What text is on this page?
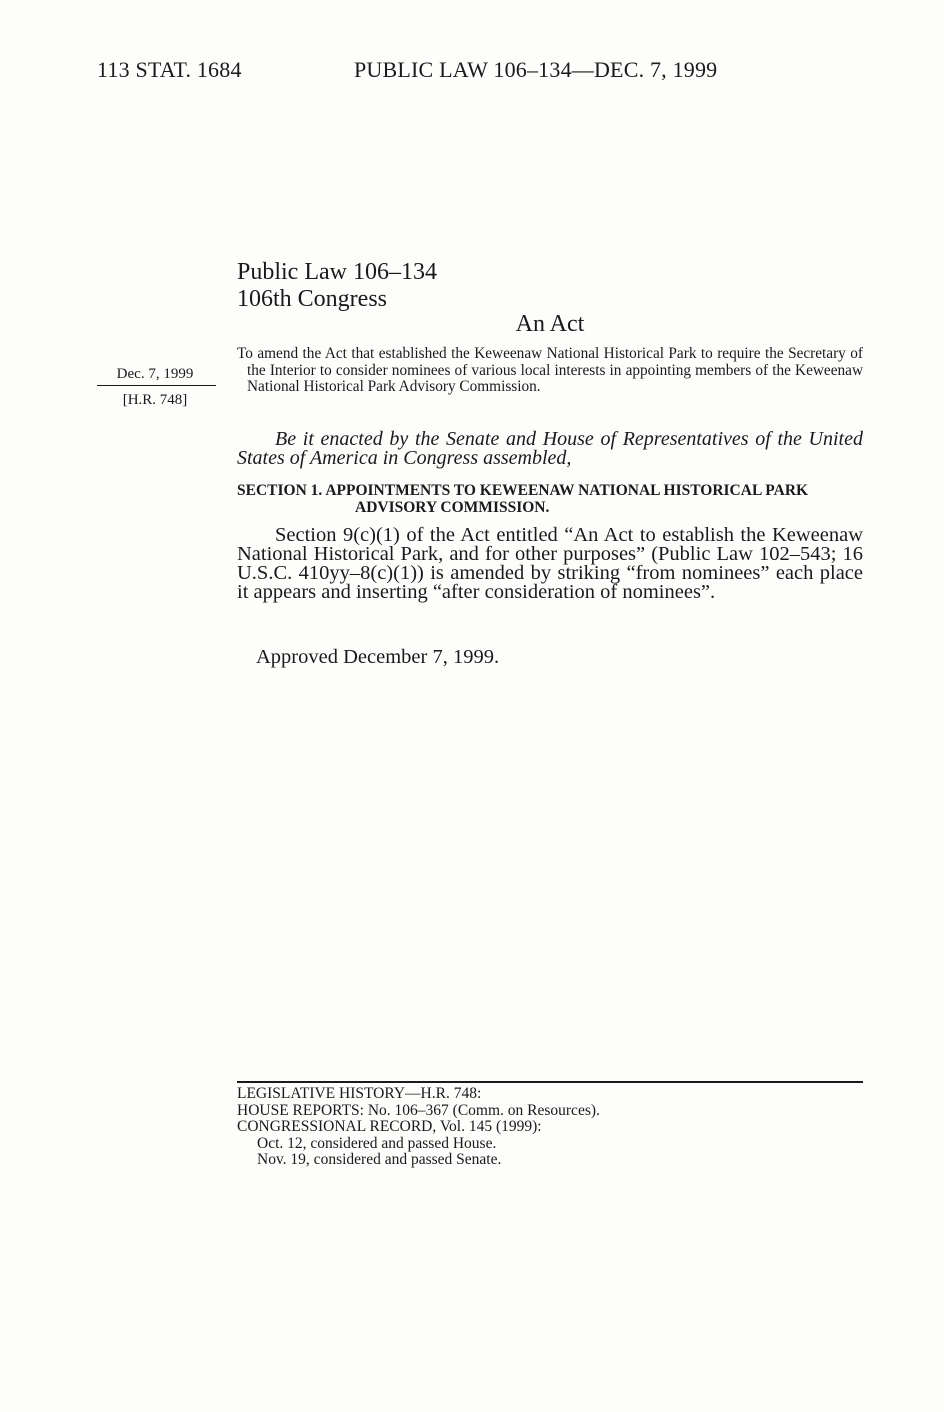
113 STAT. 1684	PUBLIC LAW 106–134—DEC. 7, 1999
Public Law 106–134
106th Congress
An Act
Dec. 7, 1999
[H.R. 748]
To amend the Act that established the Keweenaw National Historical Park to require the Secretary of the Interior to consider nominees of various local interests in appointing members of the Keweenaw National Historical Park Advisory Commission.
Be it enacted by the Senate and House of Representatives of the United States of America in Congress assembled,
SECTION 1. APPOINTMENTS TO KEWEENAW NATIONAL HISTORICAL PARK ADVISORY COMMISSION.
Section 9(c)(1) of the Act entitled “An Act to establish the Keweenaw National Historical Park, and for other purposes” (Public Law 102–543; 16 U.S.C. 410yy–8(c)(1)) is amended by striking “from nominees” each place it appears and inserting “after consideration of nominees”.
Approved December 7, 1999.
LEGISLATIVE HISTORY—H.R. 748:
HOUSE REPORTS: No. 106–367 (Comm. on Resources).
CONGRESSIONAL RECORD, Vol. 145 (1999):
Oct. 12, considered and passed House.
Nov. 19, considered and passed Senate.
